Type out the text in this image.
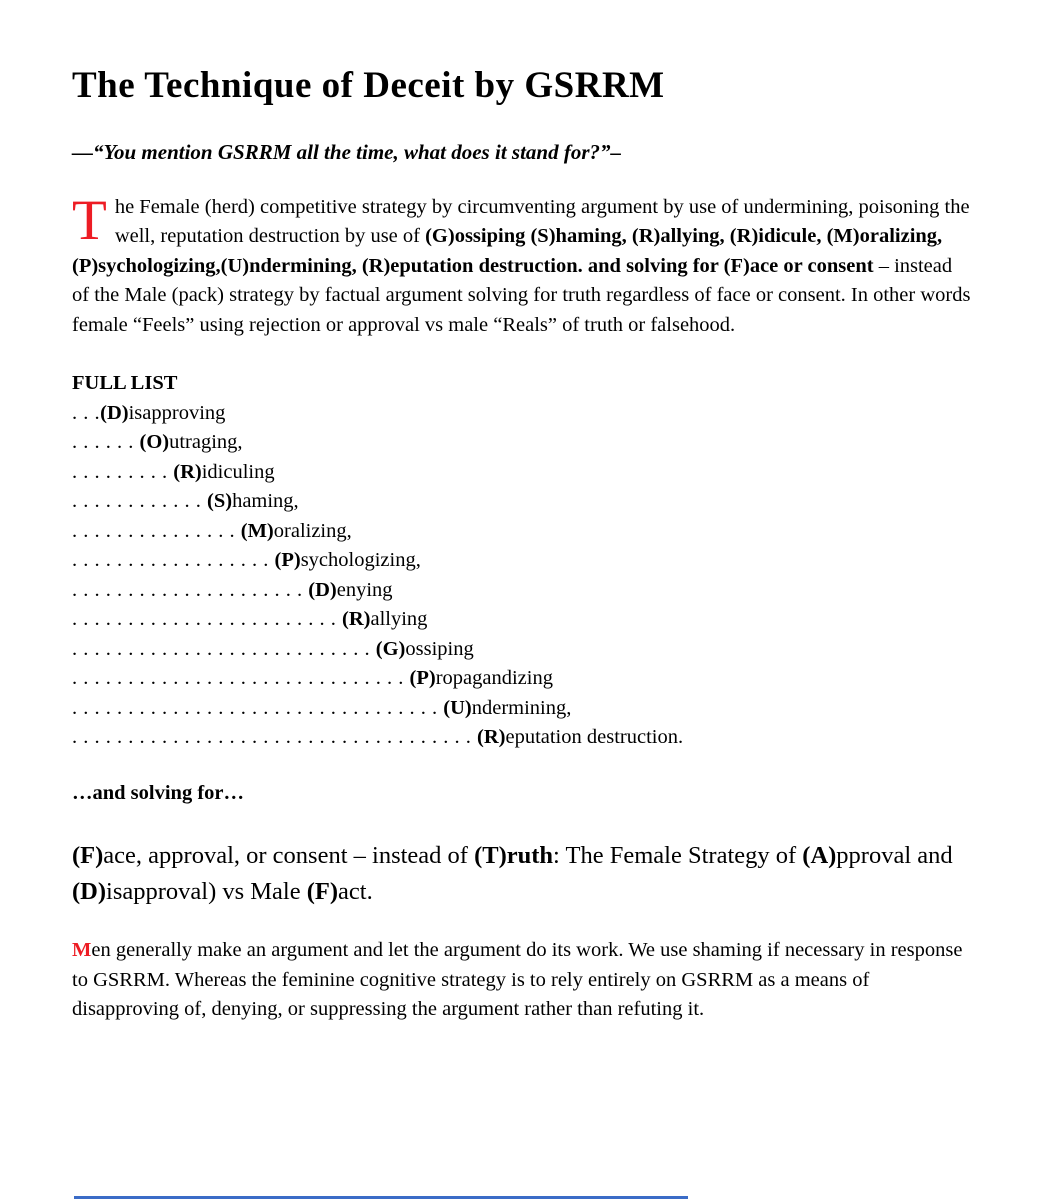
The Technique of Deceit by GSRRM
—“You mention GSRRM all the time, what does it stand for?”–
The Female (herd) competitive strategy by circumventing argument by use of undermining, poisoning the well, reputation destruction by use of (G)ossiping (S)haming, (R)allying, (R)idicule, (M)oralizing, (P)sychologizing,(U)ndermining, (R)eputation destruction. and solving for (F)ace or consent – instead of the Male (pack) strategy by factual argument solving for truth regardless of face or consent. In other words female “Feels” using rejection or approval vs male “Reals” of truth or falsehood.
FULL LIST
. . .(D)isapproving
. . . . . . (O)utraging,
. . . . . . . . . (R)idiculing
. . . . . . . . . . . . (S)haming,
. . . . . . . . . . . . . . . (M)oralizing,
. . . . . . . . . . . . . . . . . . (P)sychologizing,
. . . . . . . . . . . . . . . . . . . . . (D)enying
. . . . . . . . . . . . . . . . . . . . . . . . (R)allying
. . . . . . . . . . . . . . . . . . . . . . . . . . . (G)ossiping
. . . . . . . . . . . . . . . . . . . . . . . . . . . . . . (P)ropagandizing
. . . . . . . . . . . . . . . . . . . . . . . . . . . . . . . . . (U)ndermining,
. . . . . . . . . . . . . . . . . . . . . . . . . . . . . . . . . . . . (R)eputation destruction.
…and solving for…
(F)ace, approval, or consent – instead of (T)ruth: The Female Strategy of (A)pproval and (D)isapproval) vs Male (F)act.
Men generally make an argument and let the argument do its work. We use shaming if necessary in response to GSRRM. Whereas the feminine cognitive strategy is to rely entirely on GSRRM as a means of disapproving of, denying, or suppressing the argument rather than refuting it.
